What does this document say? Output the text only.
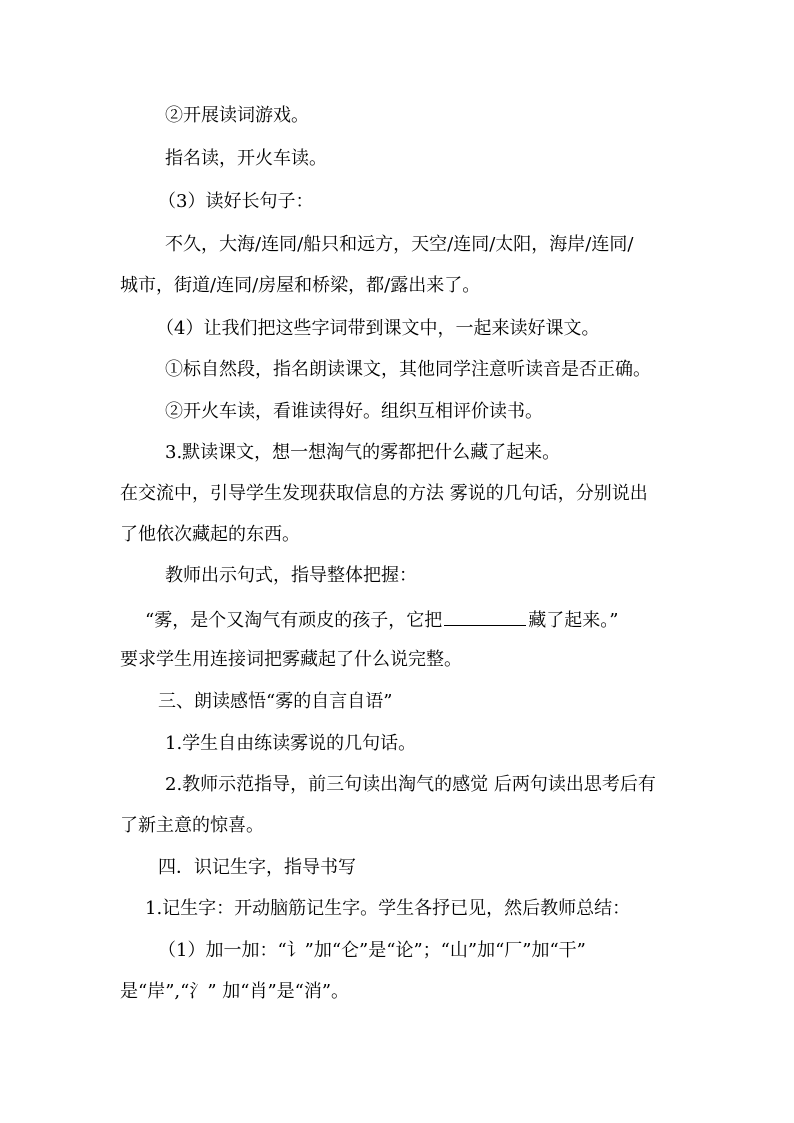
②开展读词游戏。
指名读，开火车读。
（3）读好长句子：
不久，大海/连同/船只和远方，天空/连同/太阳，海岸/连同/
城市，街道/连同/房屋和桥梁，都/露出来了。
（4）让我们把这些字词带到课文中，一起来读好课文。
①标自然段，指名朗读课文，其他同学注意听读音是否正确。
②开火车读，看谁读得好。组织互相评价读书。
3.默读课文，想一想淘气的雾都把什么藏了起来。
在交流中，引导学生发现获取信息的方法 雾说的几句话，分别说出
了他依次藏起的东西。
教师出示句式，指导整体把握：
“雾，是个又淘气有顽皮的孩子，它把	藏了起来。”
要求学生用连接词把雾藏起了什么说完整。
三、朗读感悟“雾的自言自语”
1.学生自由练读雾说的几句话。
2.教师示范指导，前三句读出淘气的感觉 后两句读出思考后有
了新主意的惊喜。
四．识记生字，指导书写
1.记生字：开动脑筋记生字。学生各抒已见，然后教师总结：
（1）加一加：“讠”加“仑”是“论”；“山”加“厂”加“干”
是“岸”,“氵” 加“肖”是“消”。
